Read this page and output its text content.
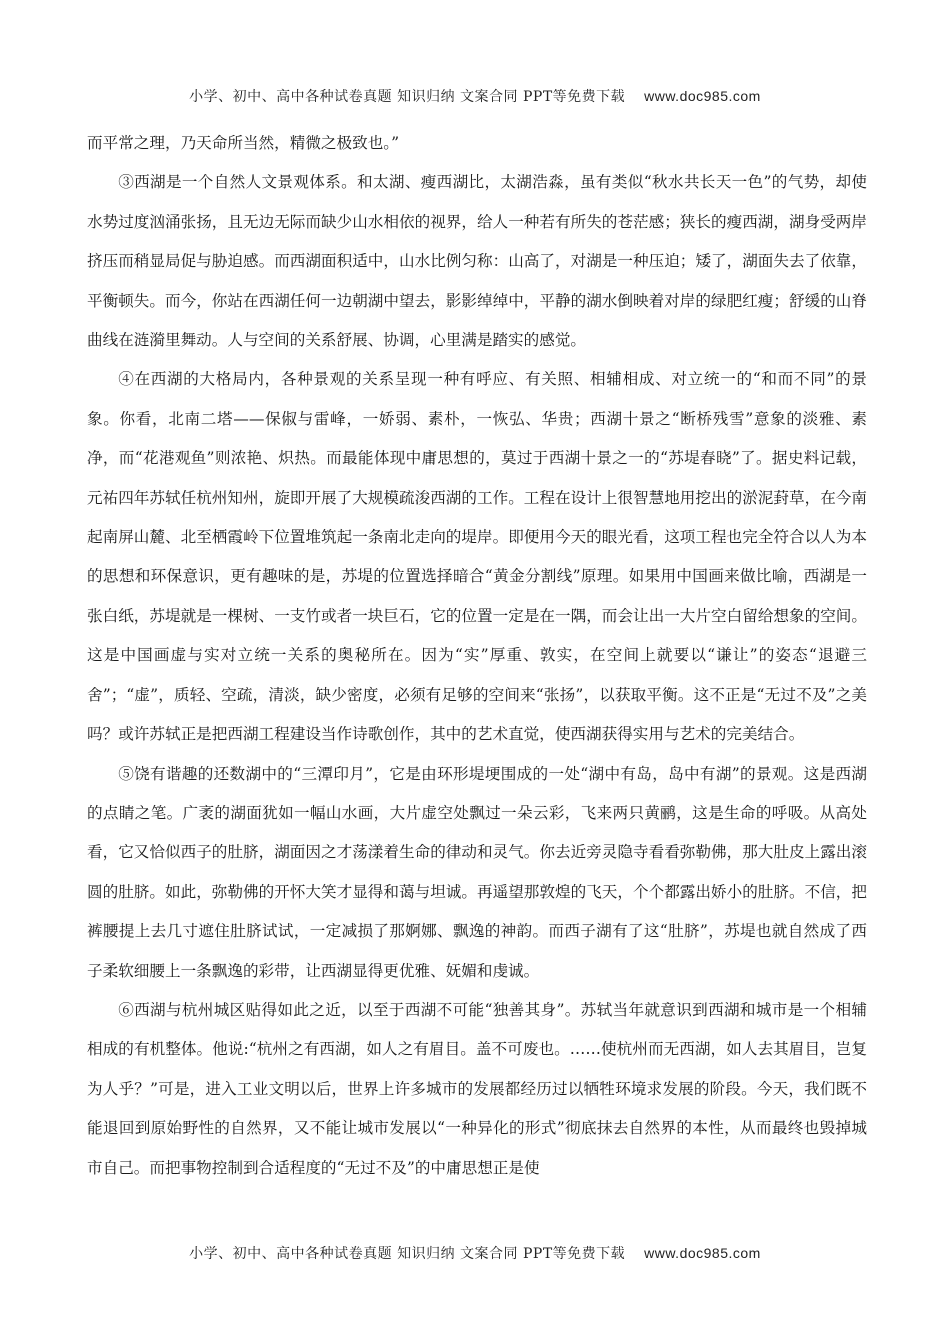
小学、初中、高中各种试卷真题 知识归纳 文案合同 PPT等免费下载 www.doc985.com

而平常之理，乃天命所当然，精微之极致也。”

③西湖是一个自然人文景观体系。和太湖、瘦西湖比，太湖浩淼，虽有类似“秋水共长天一色”的气势，却使水势过度汹涌张扬，且无边无际而缺少山水相依的视界，给人一种若有所失的苍茫感；狭长的瘦西湖，湖身受两岸挤压而稍显局促与胁迫感。而西湖面积适中，山水比例匀称：山高了，对湖是一种压迫；矮了，湖面失去了依靠，平衡顿失。而今，你站在西湖任何一边朝湖中望去，影影绰绰中，平静的湖水倒映着对岸的绿肥红瘦；舒缓的山脊曲线在涟漪里舞动。人与空间的关系舒展、协调，心里满是踏实的感觉。

④在西湖的大格局内，各种景观的关系呈现一种有呼应、有关照、相辅相成、对立统一的“和而不同”的景象。你看，北南二塔——保俶与雷峰，一娇弱、素朴，一恢弘、华贵；西湖十景之“断桥残雪”意象的淡雅、素净，而“花港观鱼”则浓艳、炽热。而最能体现中庸思想的，莫过于西湖十景之一的“苏堤春晓”了。据史料记载，元祐四年苏轼任杭州知州，旋即开展了大规模疏浚西湖的工作。工程在设计上很智慧地用挖出的淤泥葑草，在今南起南屏山麓、北至栖霞岭下位置堆筑起一条南北走向的堤岸。即便用今天的眼光看，这项工程也完全符合以人为本的思想和环保意识，更有趣味的是，苏堤的位置选择暗合“黄金分割线”原理。如果用中国画来做比喻，西湖是一张白纸，苏堤就是一棵树、一支竹或者一块巨石，它的位置一定是在一隅，而会让出一大片空白留给想象的空间。这是中国画虚与实对立统一关系的奥秘所在。因为“实”厚重、敦实，在空间上就要以“谦让”的姿态“退避三舍”；“虚”，质轻、空疏，清淡，缺少密度，必须有足够的空间来“张扬”，以获取平衡。这不正是“无过不及”之美吗？或许苏轼正是把西湖工程建设当作诗歌创作，其中的艺术直觉，使西湖获得实用与艺术的完美结合。

⑤饶有谐趣的还数湖中的“三潭印月”，它是由环形堤埂围成的一处“湖中有岛，岛中有湖”的景观。这是西湖的点睛之笔。广袤的湖面犹如一幅山水画，大片虚空处飘过一朵云彩，飞来两只黄鹂，这是生命的呼吸。从高处看，它又恰似西子的肚脐，湖面因之才荡漾着生命的律动和灵气。你去近旁灵隐寺看看弥勒佛，那大肚皮上露出滚圆的肚脐。如此，弥勒佛的开怀大笑才显得和蔼与坦诚。再遥望那敦煌的飞天，个个都露出娇小的肚脐。不信，把裤腰提上去几寸遮住肚脐试试，一定减损了那婀娜、飘逸的神韵。而西子湖有了这“肚脐”，苏堤也就自然成了西子柔软细腰上一条飘逸的彩带，让西湖显得更优雅、妩媚和虔诚。

⑥西湖与杭州城区贴得如此之近，以至于西湖不可能“独善其身”。苏轼当年就意识到西湖和城市是一个相辅相成的有机整体。他说:“杭州之有西湖，如人之有眉目。盖不可废也。……使杭州而无西湖，如人去其眉目，岂复为人乎？”可是，进入工业文明以后，世界上许多城市的发展都经历过以牺牲环境求发展的阶段。今天，我们既不能退回到原始野性的自然界，又不能让城市发展以“一种异化的形式”彻底抹去自然界的本性，从而最终也毁掉城市自己。而把事物控制到合适程度的“无过不及”的中庸思想正是使

小学、初中、高中各种试卷真题 知识归纳 文案合同 PPT等免费下载 www.doc985.com
